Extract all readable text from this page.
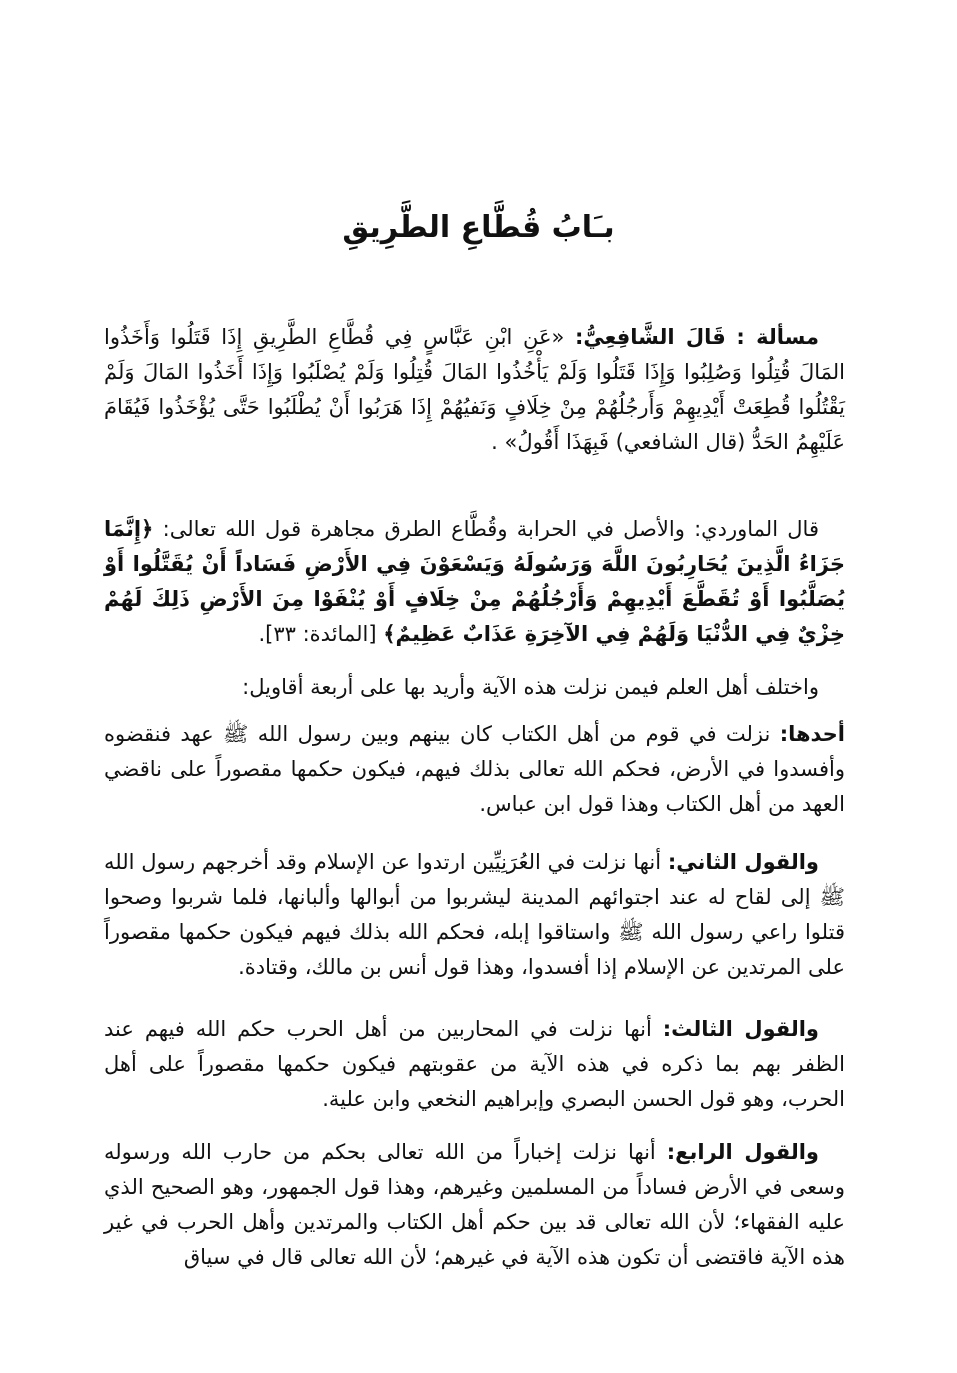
بـَابُ قُطَّاعِ الطَّرِيقِ

مسألة : قَالَ الشَّافِعِيُّ: «عَنِ ابْنِ عَبَّاسٍ فِي قُطَّاعِ الطَّرِيقِ إِذَا قَتَلُوا وَأَخَذُوا المَالَ قُتِلُوا وَصُلِبُوا وَإِذَا قَتَلُوا وَلَمْ يَأْخُذُوا المَالَ قُتِلُوا وَلَمْ يُصْلَبُوا وَإِذَا أَخَذُوا المَالَ وَلَمْ يَقْتُلُوا قُطِعَتْ أَيْدِيهِمْ وَأَرجُلُهُمْ مِنْ خِلَافٍ وَنَفيُهُمْ إِذَا هَرَبُوا أَنْ يُطْلَبُوا حَتَّى يُؤْخَذُوا فَيُقَامَ عَلَيْهِمُ الحَدُّ (قال الشافعي) فَبِهَذَا أَقُولُ» .

قال الماوردي: والأصل في الحرابة وقُطَّاع الطرق مجاهرة قول الله تعالى: ﴿إِنَّمَا جَزَاءُ الَّذِينَ يُحَارِبُونَ اللَّهَ وَرَسُولَهُ وَيَسْعَوْنَ فِي الأَرْضِ فَسَاداً أَنْ يُقَتَّلُوا أَوْ يُصَلَّبُوا أَوْ تُقَطَّعَ أَيْدِيهِمْ وَأَرْجُلُهُمْ مِنْ خِلَافٍ أَوْ يُنْفَوْا مِنَ الأَرْضِ ذَلِكَ لَهُمْ خِزْيٌ فِي الدُّنْيَا وَلَهُمْ فِي الآخِرَةِ عَذَابٌ عَظِيمٌ﴾ [المائدة: ٣٣].

واختلف أهل العلم فيمن نزلت هذه الآية وأريد بها على أربعة أقاويل:

أحدها: نزلت في قوم من أهل الكتاب كان بينهم وبين رسول الله ﷺ عهد فنقضوه وأفسدوا في الأرض، فحكم الله تعالى بذلك فيهم، فيكون حكمها مقصوراً على ناقضي العهد من أهل الكتاب وهذا قول ابن عباس.

والقول الثاني: أنها نزلت في العُرَنِيِّين ارتدوا عن الإسلام وقد أخرجهم رسول الله ﷺ إلى لقاح له عند اجتوائهم المدينة ليشربوا من أبوالها وألبانها، فلما شربوا وصحوا قتلوا راعي رسول الله ﷺ واستاقوا إبله، فحكم الله بذلك فيهم فيكون حكمها مقصوراً على المرتدين عن الإسلام إذا أفسدوا، وهذا قول أنس بن مالك، وقتادة.

والقول الثالث: أنها نزلت في المحاربين من أهل الحرب حكم الله فيهم عند الظفر بهم بما ذكره في هذه الآية من عقوبتهم فيكون حكمها مقصوراً على أهل الحرب، وهو قول الحسن البصري وإبراهيم النخعي وابن علية.

والقول الرابع: أنها نزلت إخباراً من الله تعالى بحكم من حارب الله ورسوله وسعى في الأرض فساداً من المسلمين وغيرهم، وهذا قول الجمهور، وهو الصحيح الذي عليه الفقهاء؛ لأن الله تعالى قد بين حكم أهل الكتاب والمرتدين وأهل الحرب في غير هذه الآية فاقتضى أن تكون هذه الآية في غيرهم؛ لأن الله تعالى قال في سياق
